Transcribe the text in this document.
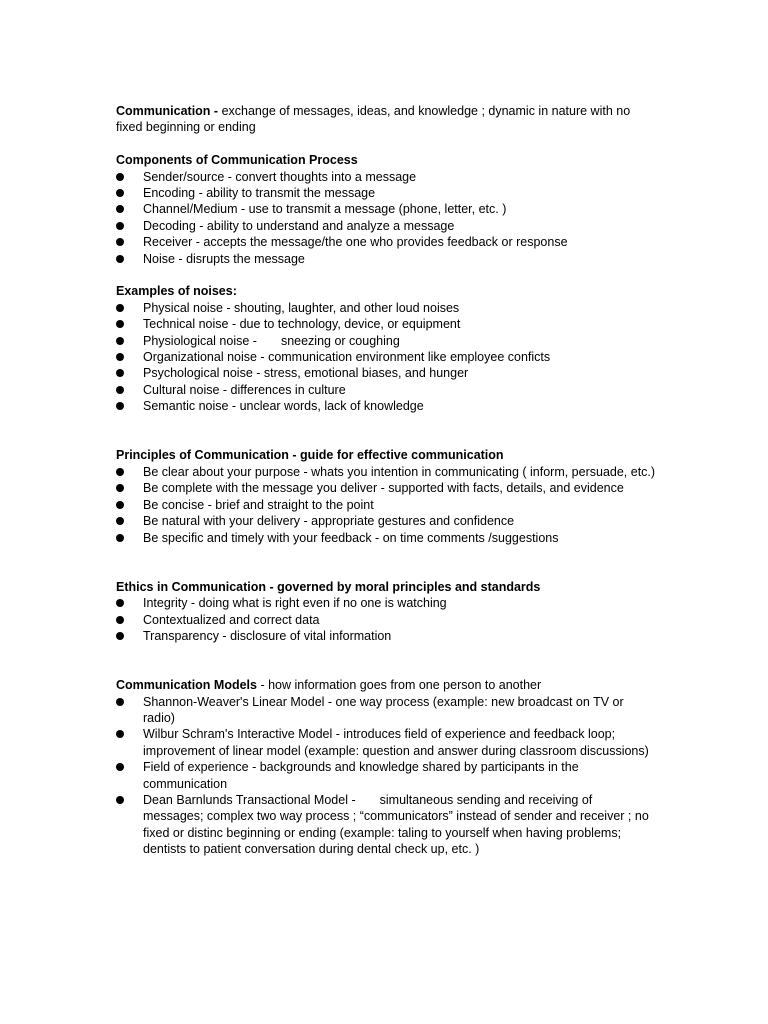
Communication - exchange of messages, ideas, and knowledge ; dynamic in nature with no fixed beginning or ending

Components of Communication Process

Sender/source - convert thoughts into a message
Encoding - ability to transmit the message
Channel/Medium - use to transmit a message (phone, letter, etc. )
Decoding - ability to understand and analyze a message
Receiver - accepts the message/the one who provides feedback or response
Noise - disrupts the message

Examples of noises:

Physical noise - shouting, laughter, and other loud noises
Technical noise - due to technology, device, or equipment
Physiological noise - sneezing or coughing
Organizational noise - communication environment like employee conficts
Psychological noise - stress, emotional biases, and hunger
Cultural noise - differences in culture
Semantic noise - unclear words, lack of knowledge

Principles of Communication - guide for effective communication

Be clear about your purpose - whats you intention in communicating ( inform, persuade, etc.)
Be complete with the message you deliver - supported with facts, details, and evidence
Be concise - brief and straight to the point
Be natural with your delivery - appropriate gestures and confidence
Be specific and timely with your feedback - on time comments /suggestions

Ethics in Communication - governed by moral principles and standards

Integrity - doing what is right even if no one is watching
Contextualized and correct data
Transparency - disclosure of vital information

Communication Models - how information goes from one person to another

Shannon-Weaver's Linear Model - one way process (example: new broadcast on TV or radio)
Wilbur Schram's Interactive Model - introduces field of experience and feedback loop; improvement of linear model (example: question and answer during classroom discussions)
Field of experience - backgrounds and knowledge shared by participants in the communication
Dean Barnlunds Transactional Model - simultaneous sending and receiving of messages; complex two way process ; “communicators” instead of sender and receiver ; no fixed or distinc beginning or ending (example: taling to yourself when having problems; dentists to patient conversation during dental check up, etc. )
